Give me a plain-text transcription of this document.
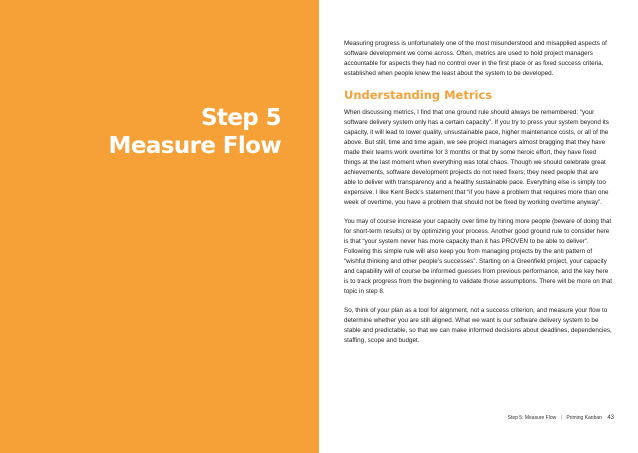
Step 5
Measure Flow

Measuring progress is unfortunately one of the most misunderstood and misapplied aspects of software development we come across. Often, metrics are used to hold project managers accountable for aspects they had no control over in the first place or as fixed success criteria, established when people knew the least about the system to be developed.

Understanding Metrics

When discussing metrics, I find that one ground rule should always be remembered: “your software delivery system only has a certain capacity”. If you try to press your system beyond its capacity, it will lead to lower quality, unsustainable pace, higher maintenance costs, or all of the above. But still, time and time again, we see project managers almost bragging that they have made their teams work overtime for 3 months or that by some heroic effort, they have fixed things at the last moment when everything was total chaos. Though we should celebrate great achievements, software development projects do not need fixers; they need people that are able to deliver with transparency and a healthy sustainable pace. Everything else is simply too expensive. I like Kent Beck’s statement that “if you have a problem that requires more than one week of overtime, you have a problem that should not be fixed by working overtime anyway”.

You may of course increase your capacity over time by hiring more people (beware of doing that for short-term results) or by optimizing your process. Another good ground rule to consider here is that “your system never has more capacity than it has PROVEN to be able to deliver”. Following this simple rule will also keep you from managing projects by the anti pattern of “wishful thinking and other people’s successes”. Starting on a Greenfield project, your capacity and capability will of course be informed guesses from previous performance, and the key here is to track progress from the beginning to validate those assumptions. There will be more on that topic in step 8.

So, think of your plan as a tool for alignment, not a success criterion, and measure your flow to determine whether you are still aligned. What we want is our software delivery system to be stable and predictable, so that we can make informed decisions about deadlines, dependencies, staffing, scope and budget.

Step 5: Measure Flow | Priming Kanban 43
